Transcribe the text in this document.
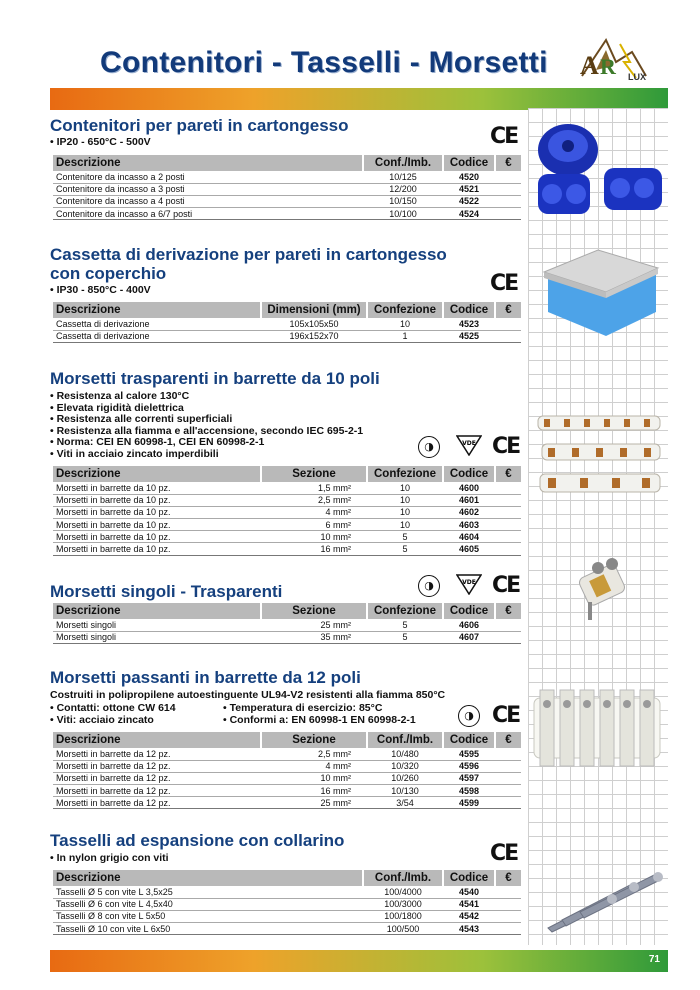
Contenitori - Tasselli - Morsetti A R LUX
Contenitori per pareti in cartongesso
• IP20 - 650°C - 500V	CE
Descrizione	Conf./Imb.	Codice	€
Contenitore da incasso a 2 posti	10/125	4520	
Contenitore da incasso a 3 posti	12/200	4521	
Contenitore da incasso a 4 posti	10/150	4522	
Contenitore da incasso a 6/7 posti	10/100	4524	
Cassetta di derivazione per pareti in cartongesso
con coperchio
• IP30 - 850°C - 400V	CE
Descrizione	Dimensioni (mm)	Confezione	Codice	€
Cassetta di derivazione	105x105x50	10	4523	
Cassetta di derivazione	196x152x70	1	4525	
Morsetti trasparenti in barrette da 10 poli
• Resistenza al calore 130°C
• Elevata rigidità dielettrica
• Resistenza alle correnti superficiali
• Resistenza alla fiamma e all'accensione, secondo IEC 695-2-1
• Norma: CEI EN 60998-1, CEI EN 60998-2-1
• Viti in acciaio zincato imperdibili
◑	VDE CE
Descrizione	Sezione	Confezione	Codice	€
Morsetti in barrette da 10 pz.	1,5 mm²	10	4600	
Morsetti in barrette da 10 pz.	2,5 mm²	10	4601	
Morsetti in barrette da 10 pz.	4 mm²	10	4602	
Morsetti in barrette da 10 pz.	6 mm²	10	4603	
Morsetti in barrette da 10 pz.	10 mm²	5	4604	
Morsetti in barrette da 10 pz.	16 mm²	5	4605	
Morsetti singoli - Trasparenti	◑	VDE CE
Descrizione	Sezione	Confezione	Codice	€
Morsetti singoli	25 mm²	5	4606	
Morsetti singoli	35 mm²	5	4607	
Morsetti passanti in barrette da 12 poli
Costruiti in polipropilene autoestinguente UL94-V2 resistenti alla fiamma 850°C
• Contatti: ottone CW 614
• Viti: acciaio zincato
• Temperatura di esercizio: 85°C
• Conformi a: EN 60998-1 EN 60998-2-1	◑ CE
Descrizione	Sezione	Conf./Imb.	Codice	€
Morsetti in barrette da 12 pz.	2,5 mm²	10/480	4595	
Morsetti in barrette da 12 pz.	4 mm²	10/320	4596	
Morsetti in barrette da 12 pz.	10 mm²	10/260	4597	
Morsetti in barrette da 12 pz.	16 mm²	10/130	4598	
Morsetti in barrette da 12 pz.	25 mm²	3/54	4599	
Tasselli ad espansione con collarino
• In nylon grigio con viti	CE
Descrizione	Conf./Imb.	Codice	€
Tasselli Ø 5 con vite L 3,5x25	100/4000	4540	
Tasselli Ø 6 con vite L 4,5x40	100/3000	4541	
Tasselli Ø 8 con vite L 5x50	100/1800	4542	
Tasselli Ø 10 con vite L 6x50	100/500	4543	
71
